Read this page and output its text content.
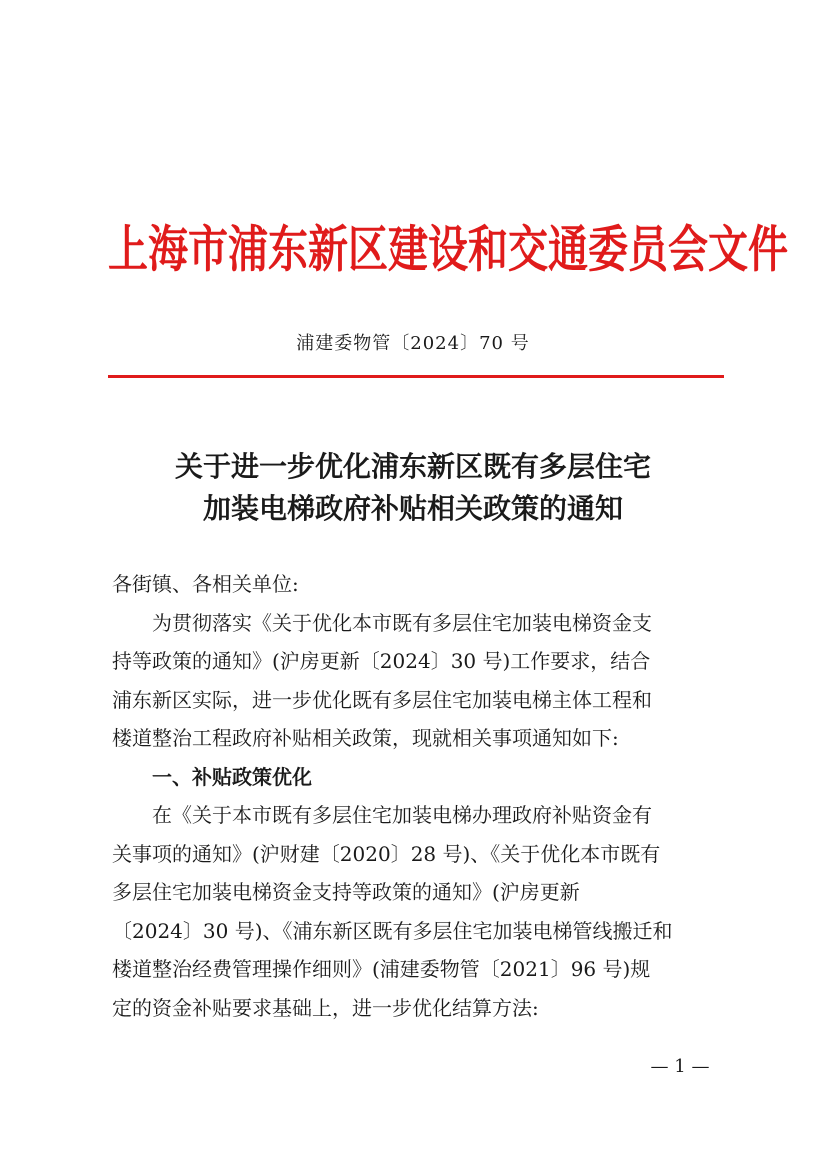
上海市浦东新区建设和交通委员会文件
浦建委物管〔2024〕70 号
关于进一步优化浦东新区既有多层住宅
加装电梯政府补贴相关政策的通知
各街镇、各相关单位:
为贯彻落实《关于优化本市既有多层住宅加装电梯资金支
持等政策的通知》(沪房更新〔2024〕30 号)工作要求，结合
浦东新区实际，进一步优化既有多层住宅加装电梯主体工程和
楼道整治工程政府补贴相关政策，现就相关事项通知如下:
一、补贴政策优化
在《关于本市既有多层住宅加装电梯办理政府补贴资金有
关事项的通知》(沪财建〔2020〕28 号)、《关于优化本市既有
多层住宅加装电梯资金支持等政策的通知》(沪房更新
〔2024〕30 号)、《浦东新区既有多层住宅加装电梯管线搬迁和
楼道整治经费管理操作细则》(浦建委物管〔2021〕96 号)规
定的资金补贴要求基础上，进一步优化结算方法:
— 1 —
